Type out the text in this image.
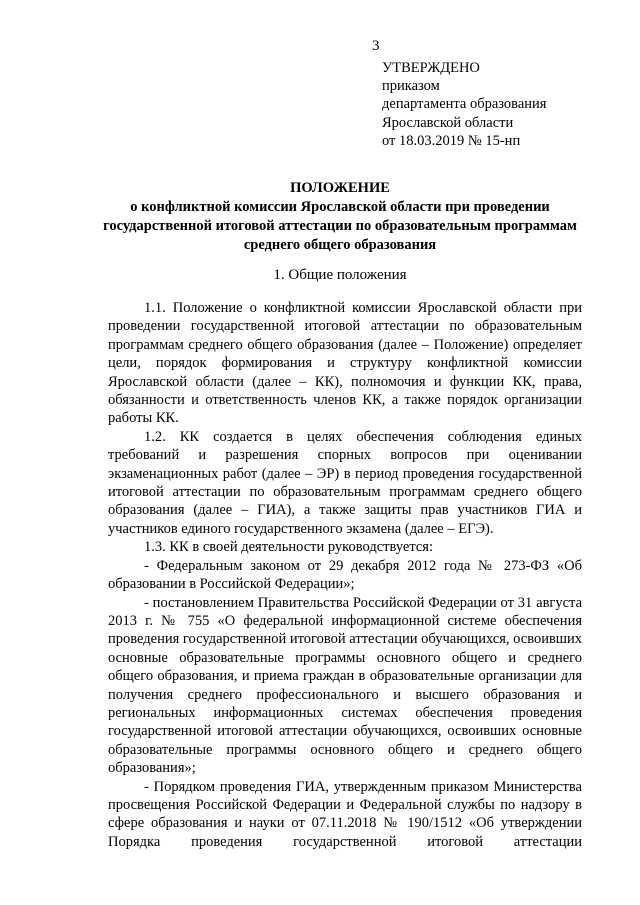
3
УТВЕРЖДЕНО
приказом
департамента образования
Ярославской области
от 18.03.2019 № 15-нп
ПОЛОЖЕНИЕ
о конфликтной комиссии Ярославской области при проведении
государственной итоговой аттестации по образовательным программам
среднего общего образования
1. Общие положения

1.1. Положение о конфликтной комиссии Ярославской области при проведении государственной итоговой аттестации по образовательным программам среднего общего образования (далее – Положение) определяет цели, порядок формирования и структуру конфликтной комиссии Ярославской области (далее – КК), полномочия и функции КК, права, обязанности и ответственность членов КК, а также порядок организации работы КК.

1.2. КК создается в целях обеспечения соблюдения единых требований и разрешения спорных вопросов при оценивании экзаменационных работ (далее – ЭР) в период проведения государственной итоговой аттестации по образовательным программам среднего общего образования (далее – ГИА), а также защиты прав участников ГИА и участников единого государственного экзамена (далее – ЕГЭ).

1.3. КК в своей деятельности руководствуется:

- Федеральным законом от 29 декабря 2012 года № 273-ФЗ «Об образовании в Российской Федерации»;

- постановлением Правительства Российской Федерации от 31 августа 2013 г. № 755 «О федеральной информационной системе обеспечения проведения государственной итоговой аттестации обучающихся, освоивших основные образовательные программы основного общего и среднего общего образования, и приема граждан в образовательные организации для получения среднего профессионального и высшего образования и региональных информационных системах обеспечения проведения государственной итоговой аттестации обучающихся, освоивших основные образовательные программы основного общего и среднего общего образования»;

- Порядком проведения ГИА, утвержденным приказом Министерства просвещения Российской Федерации и Федеральной службы по надзору в сфере образования и науки от 07.11.2018 № 190/1512 «Об утверждении Порядка проведения государственной итоговой аттестации
